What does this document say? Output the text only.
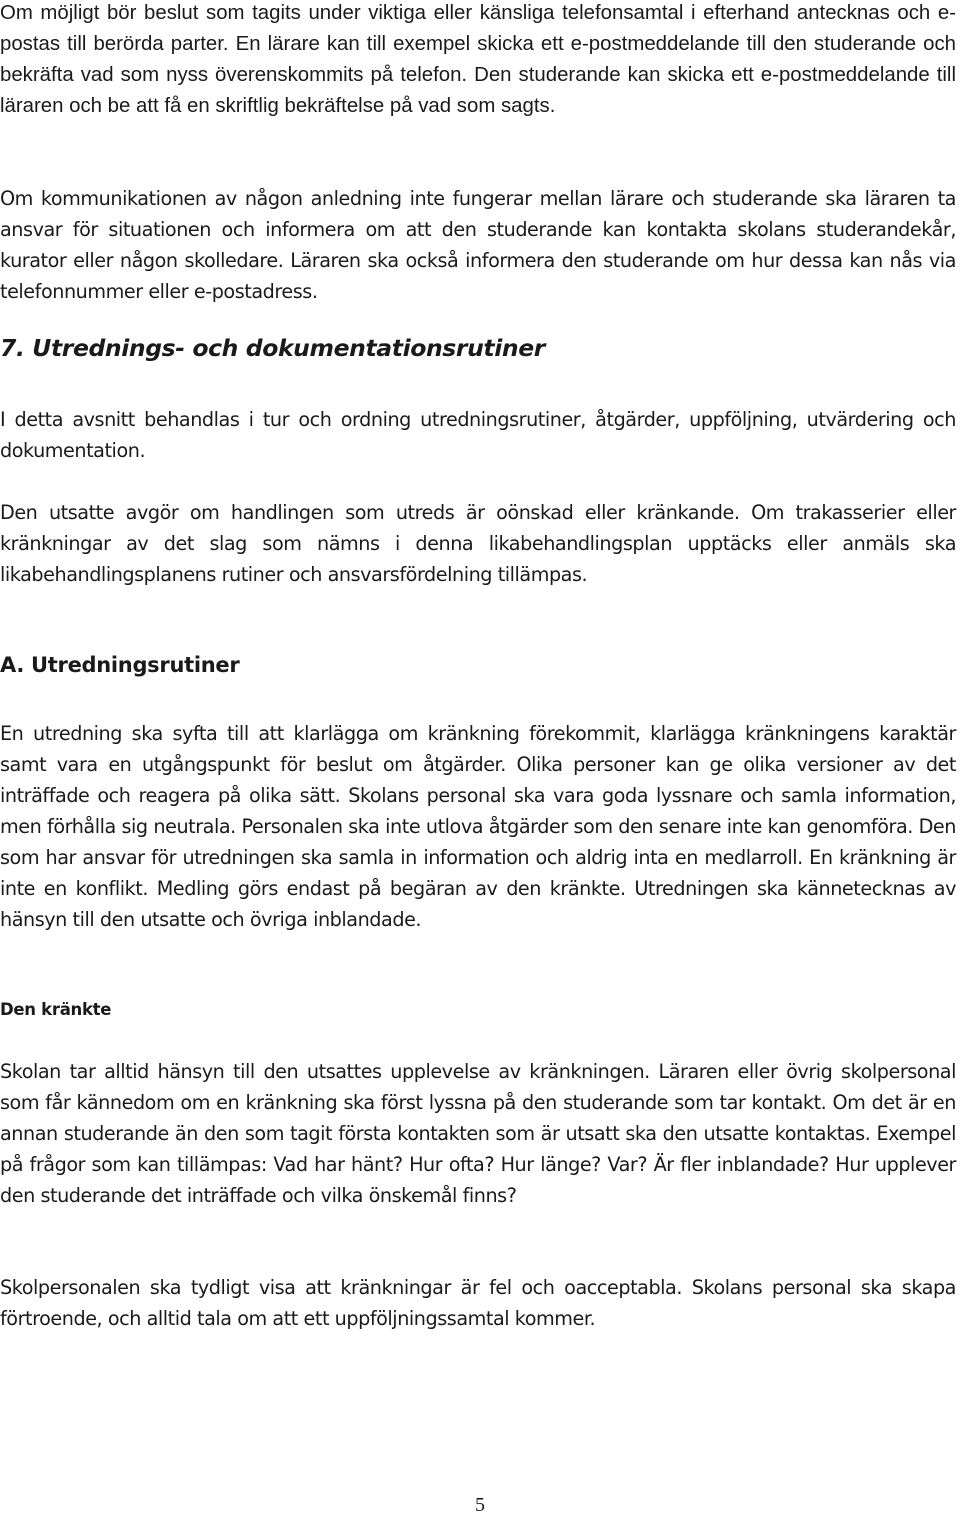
Om möjligt bör beslut som tagits under viktiga eller känsliga telefonsamtal i efterhand antecknas och e-postas till berörda parter. En lärare kan till exempel skicka ett e-postmeddelande till den studerande och bekräfta vad som nyss överenskommits på telefon. Den studerande kan skicka ett e-postmeddelande till läraren och be att få en skriftlig bekräftelse på vad som sagts.

Om kommunikationen av någon anledning inte fungerar mellan lärare och studerande ska läraren ta ansvar för situationen och informera om att den studerande kan kontakta skolans studerandekår, kurator eller någon skolledare. Läraren ska också informera den studerande om hur dessa kan nås via telefonnummer eller e-postadress.

7. Utrednings- och dokumentationsrutiner

I detta avsnitt behandlas i tur och ordning utredningsrutiner, åtgärder, uppföljning, utvärdering och dokumentation.

Den utsatte avgör om handlingen som utreds är oönskad eller kränkande. Om trakasserier eller kränkningar av det slag som nämns i denna likabehandlingsplan upptäcks eller anmäls ska likabehandlingsplanens rutiner och ansvarsfördelning tillämpas.

A. Utredningsrutiner

En utredning ska syfta till att klarlägga om kränkning förekommit, klarlägga kränkningens karaktär samt vara en utgångspunkt för beslut om åtgärder. Olika personer kan ge olika versioner av det inträffade och reagera på olika sätt. Skolans personal ska vara goda lyssnare och samla information, men förhålla sig neutrala. Personalen ska inte utlova åtgärder som den senare inte kan genomföra. Den som har ansvar för utredningen ska samla in information och aldrig inta en medlarroll. En kränkning är inte en konflikt. Medling görs endast på begäran av den kränkte. Utredningen ska kännetecknas av hänsyn till den utsatte och övriga inblandade.

Den kränkte

Skolan tar alltid hänsyn till den utsattes upplevelse av kränkningen. Läraren eller övrig skolpersonal som får kännedom om en kränkning ska först lyssna på den studerande som tar kontakt. Om det är en annan studerande än den som tagit första kontakten som är utsatt ska den utsatte kontaktas. Exempel på frågor som kan tillämpas: Vad har hänt? Hur ofta? Hur länge? Var? Är fler inblandade? Hur upplever den studerande det inträffade och vilka önskemål finns?

Skolpersonalen ska tydligt visa att kränkningar är fel och oacceptabla. Skolans personal ska skapa förtroende, och alltid tala om att ett uppföljningssamtal kommer.

5
